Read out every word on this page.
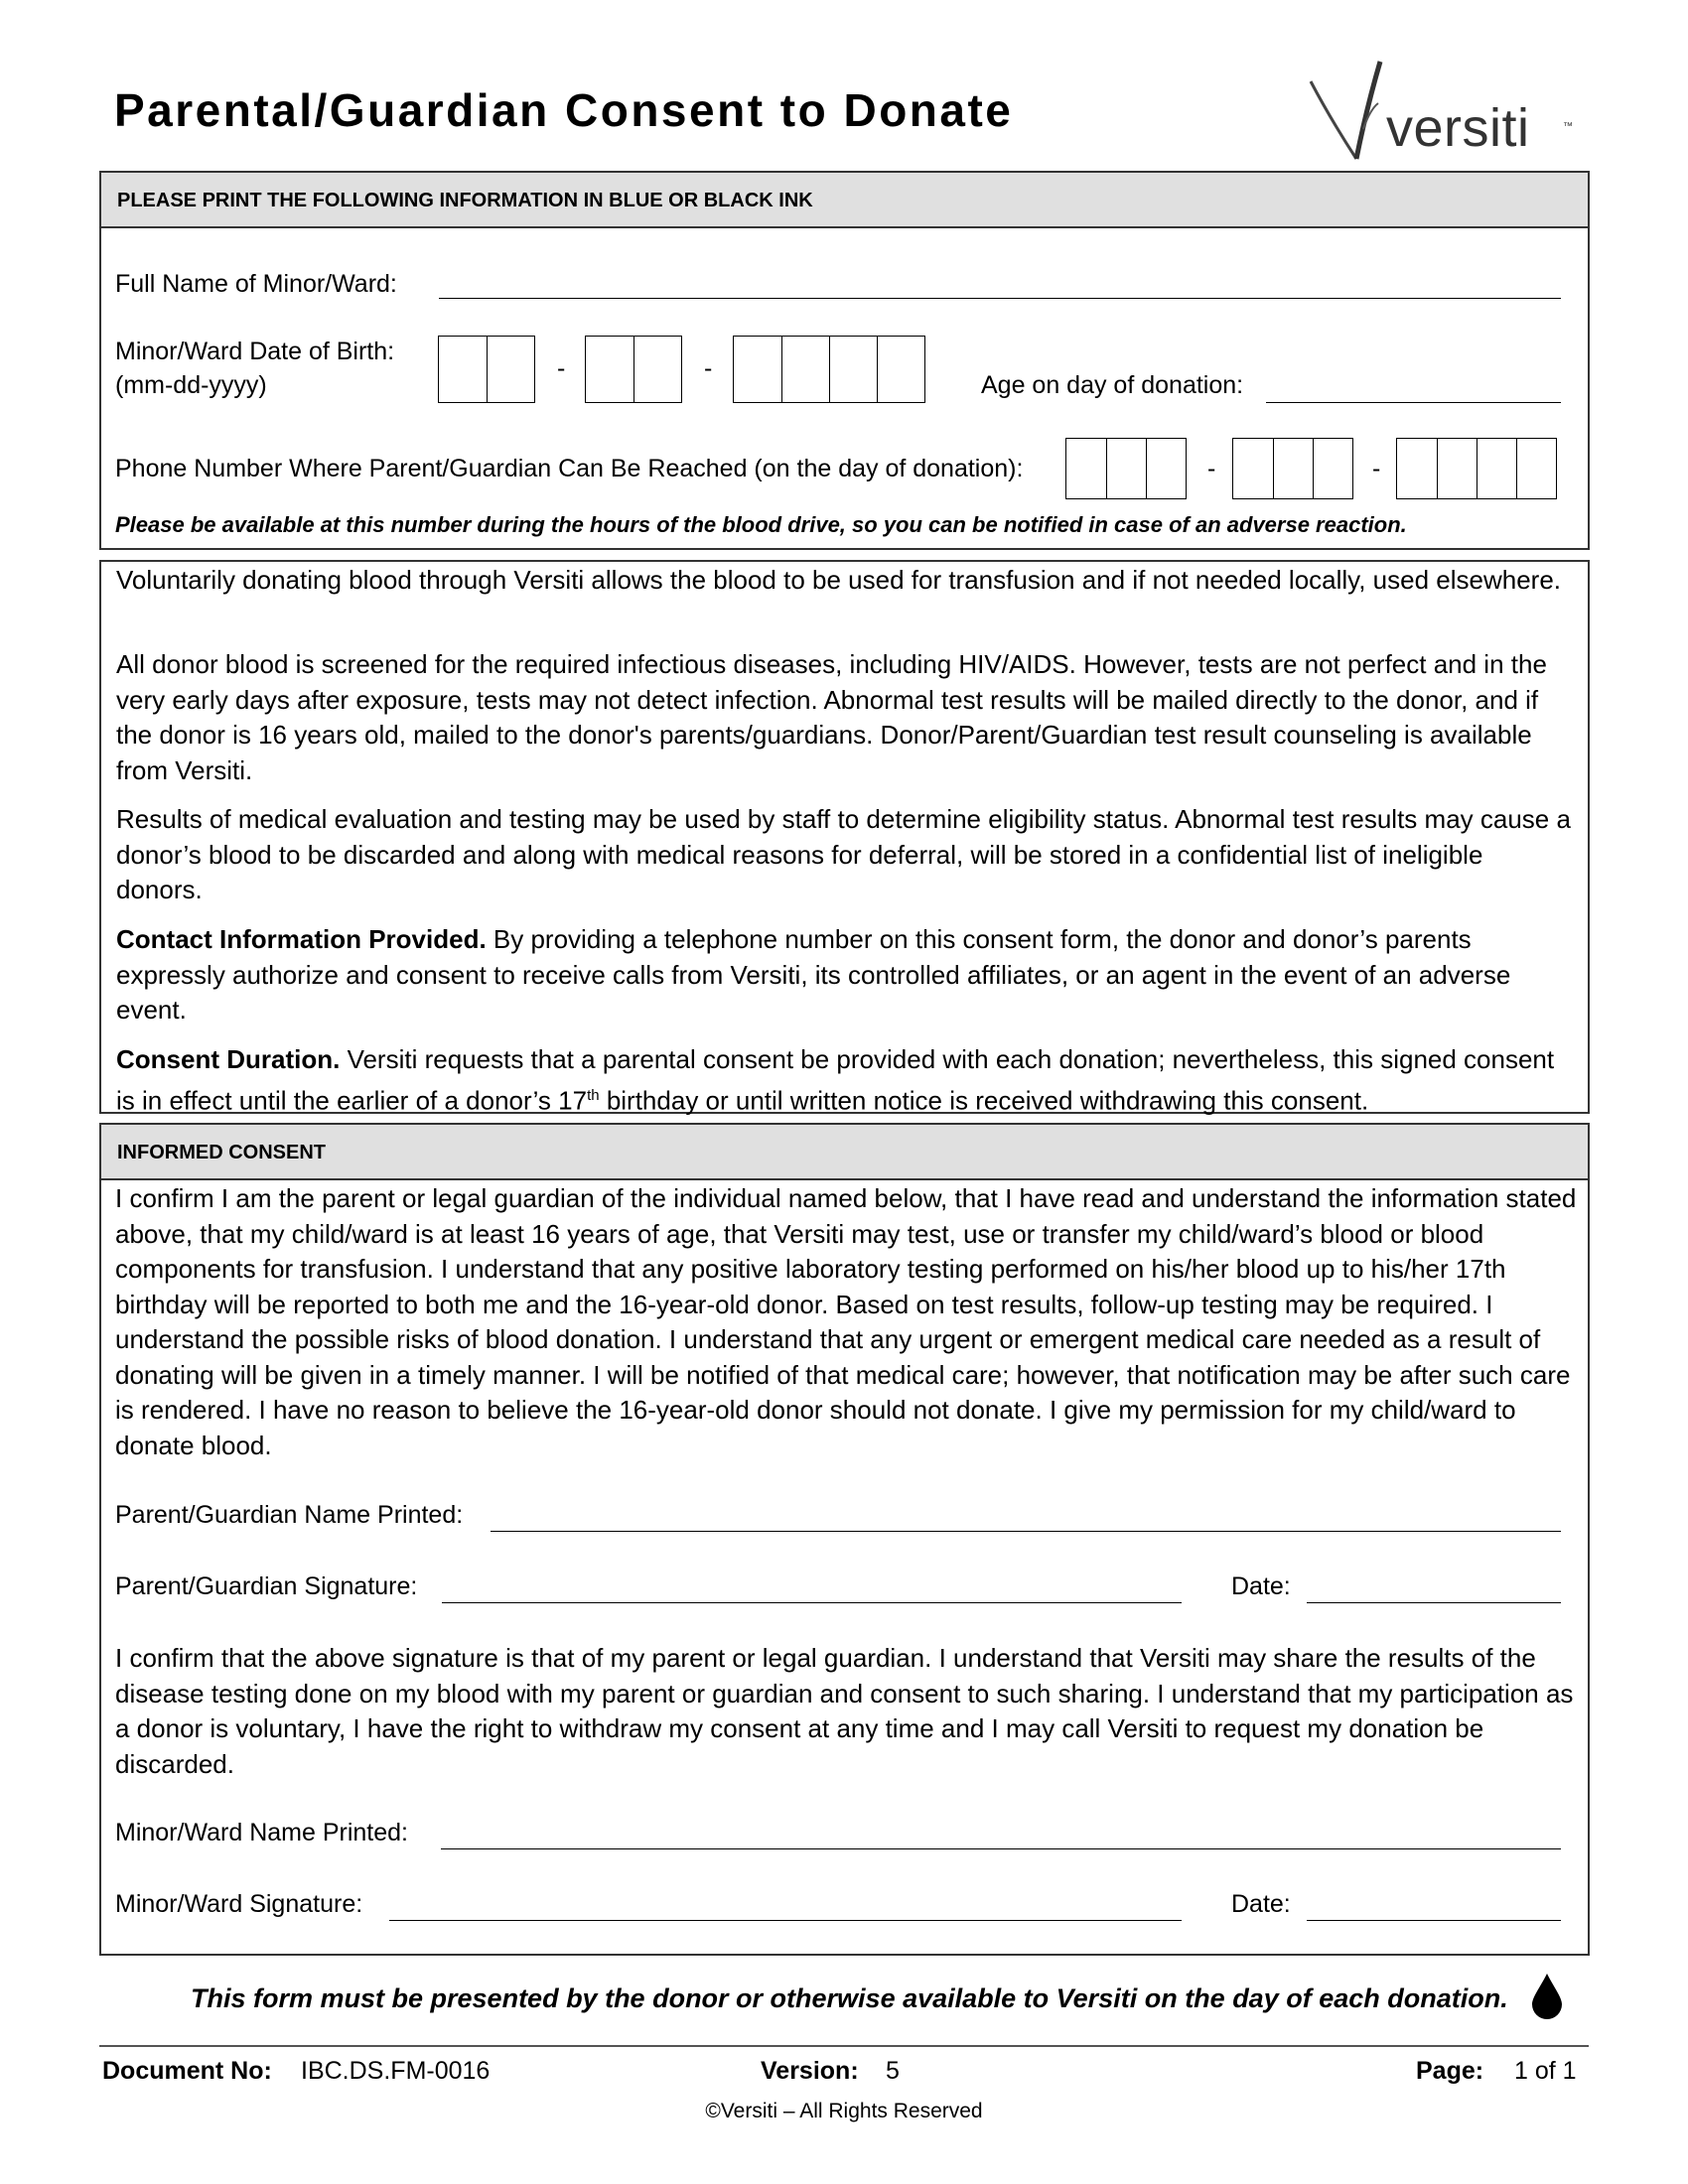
Parental/Guardian Consent to Donate	versiti	™
PLEASE PRINT THE FOLLOWING INFORMATION IN BLUE OR BLACK INK
Full Name of Minor/Ward:
Minor/Ward Date of Birth:
(mm-dd-yyyy)
-	-
Age on day of donation:
Phone Number Where Parent/Guardian Can Be Reached (on the day of donation):	-	-
Please be available at this number during the hours of the blood drive, so you can be notified in case of an adverse reaction.

Voluntarily donating blood through Versiti allows the blood to be used for transfusion and if not needed locally, used elsewhere.

All donor blood is screened for the required infectious diseases, including HIV/AIDS. However, tests are not perfect and in the very early days after exposure, tests may not detect infection. Abnormal test results will be mailed directly to the donor, and if the donor is 16 years old, mailed to the donor's parents/guardians. Donor/Parent/Guardian test result counseling is available from Versiti.

Results of medical evaluation and testing may be used by staff to determine eligibility status. Abnormal test results may cause a donor’s blood to be discarded and along with medical reasons for deferral, will be stored in a confidential list of ineligible donors.

Contact Information Provided. By providing a telephone number on this consent form, the donor and donor’s parents expressly authorize and consent to receive calls from Versiti, its controlled affiliates, or an agent in the event of an adverse event.

Consent Duration. Versiti requests that a parental consent be provided with each donation; nevertheless, this signed consent is in effect until the earlier of a donor’s 17th birthday or until written notice is received withdrawing this consent.

INFORMED CONSENT

I confirm I am the parent or legal guardian of the individual named below, that I have read and understand the information stated above, that my child/ward is at least 16 years of age, that Versiti may test, use or transfer my child/ward’s blood or blood components for transfusion. I understand that any positive laboratory testing performed on his/her blood up to his/her 17th birthday will be reported to both me and the 16-year-old donor. Based on test results, follow-up testing may be required. I understand the possible risks of blood donation. I understand that any urgent or emergent medical care needed as a result of donating will be given in a timely manner. I will be notified of that medical care; however, that notification may be after such care is rendered. I have no reason to believe the 16-year-old donor should not donate. I give my permission for my child/ward to donate blood.

Parent/Guardian Name Printed:
Parent/Guardian Signature:	Date:

I confirm that the above signature is that of my parent or legal guardian. I understand that Versiti may share the results of the disease testing done on my blood with my parent or guardian and consent to such sharing. I understand that my participation as a donor is voluntary, I have the right to withdraw my consent at any time and I may call Versiti to request my donation be discarded.

Minor/Ward Name Printed:
Minor/Ward Signature:	Date:
This form must be presented by the donor or otherwise available to Versiti on the day of each donation.
Document No: IBC.DS.FM-0016	Version: 5	Page: 1 of 1
©Versiti – All Rights Reserved
